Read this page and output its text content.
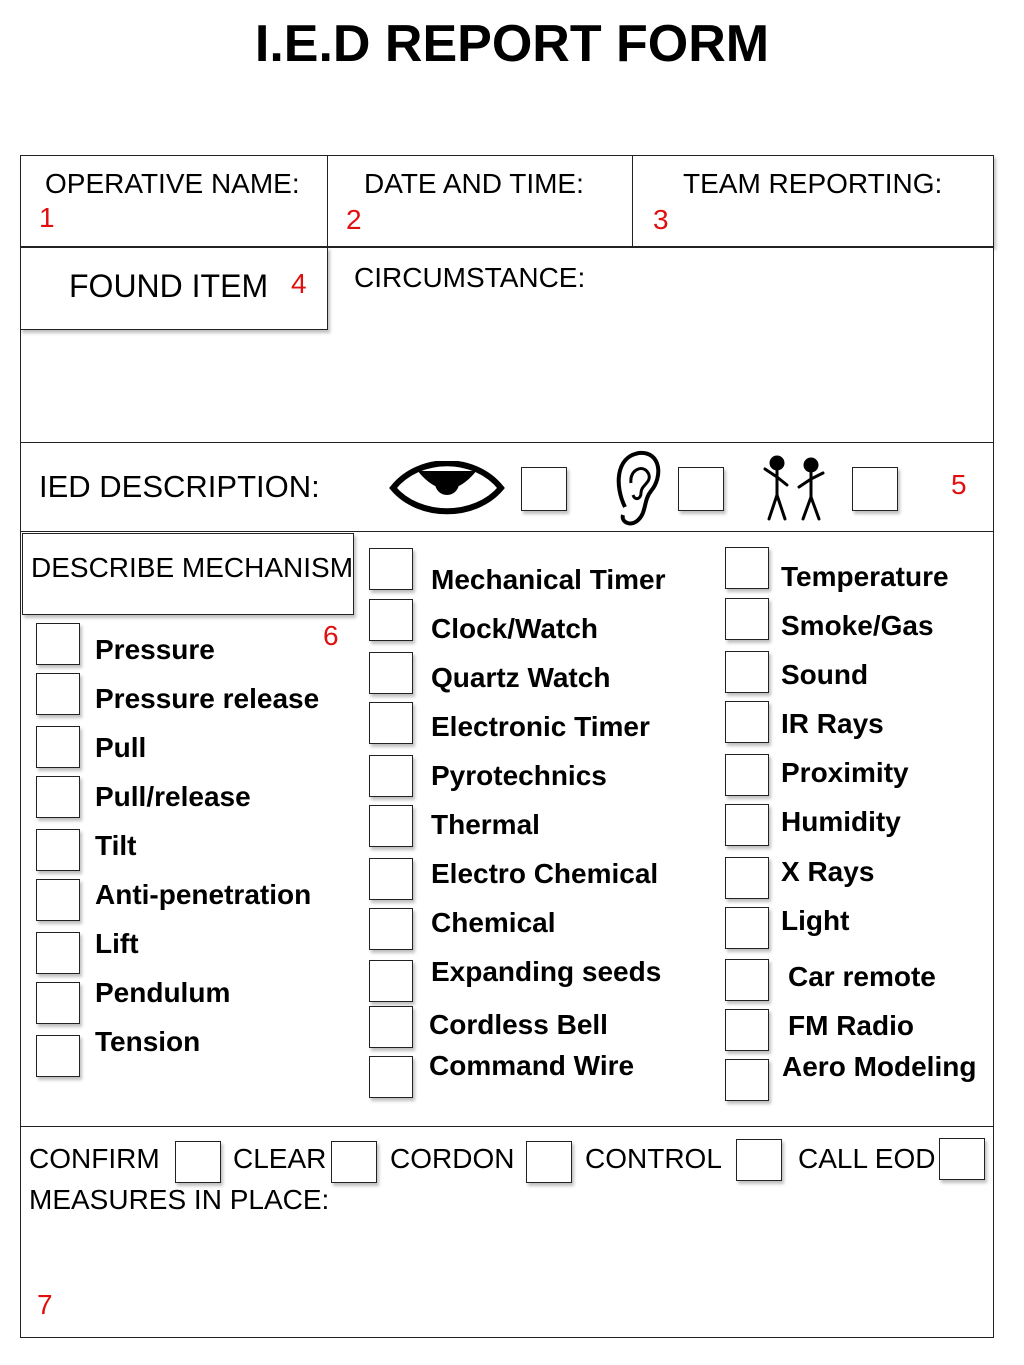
I.E.D REPORT FORM
OPERATIVE NAME:
1
DATE AND TIME:
2
TEAM REPORTING:
3
CIRCUMSTANCE:
FOUND ITEM 4
IED DESCRIPTION:	5
DESCRIBE MECHANISM
6
Pressure
Pressure release
Pull
Pull/release
Tilt
Anti-penetration
Lift
Pendulum
Tension
Mechanical Timer
Clock/Watch
Quartz Watch
Electronic Timer
Pyrotechnics
Thermal
Electro Chemical
Chemical
Expanding seeds
Cordless Bell
Command Wire
Temperature
Smoke/Gas
Sound
IR Rays
Proximity
Humidity
X Rays
Light
Car remote
FM Radio
Aero Modeling
CONFIRM	CLEAR CORDON	CONTROL	CALL EOD
MEASURES IN PLACE:
7
